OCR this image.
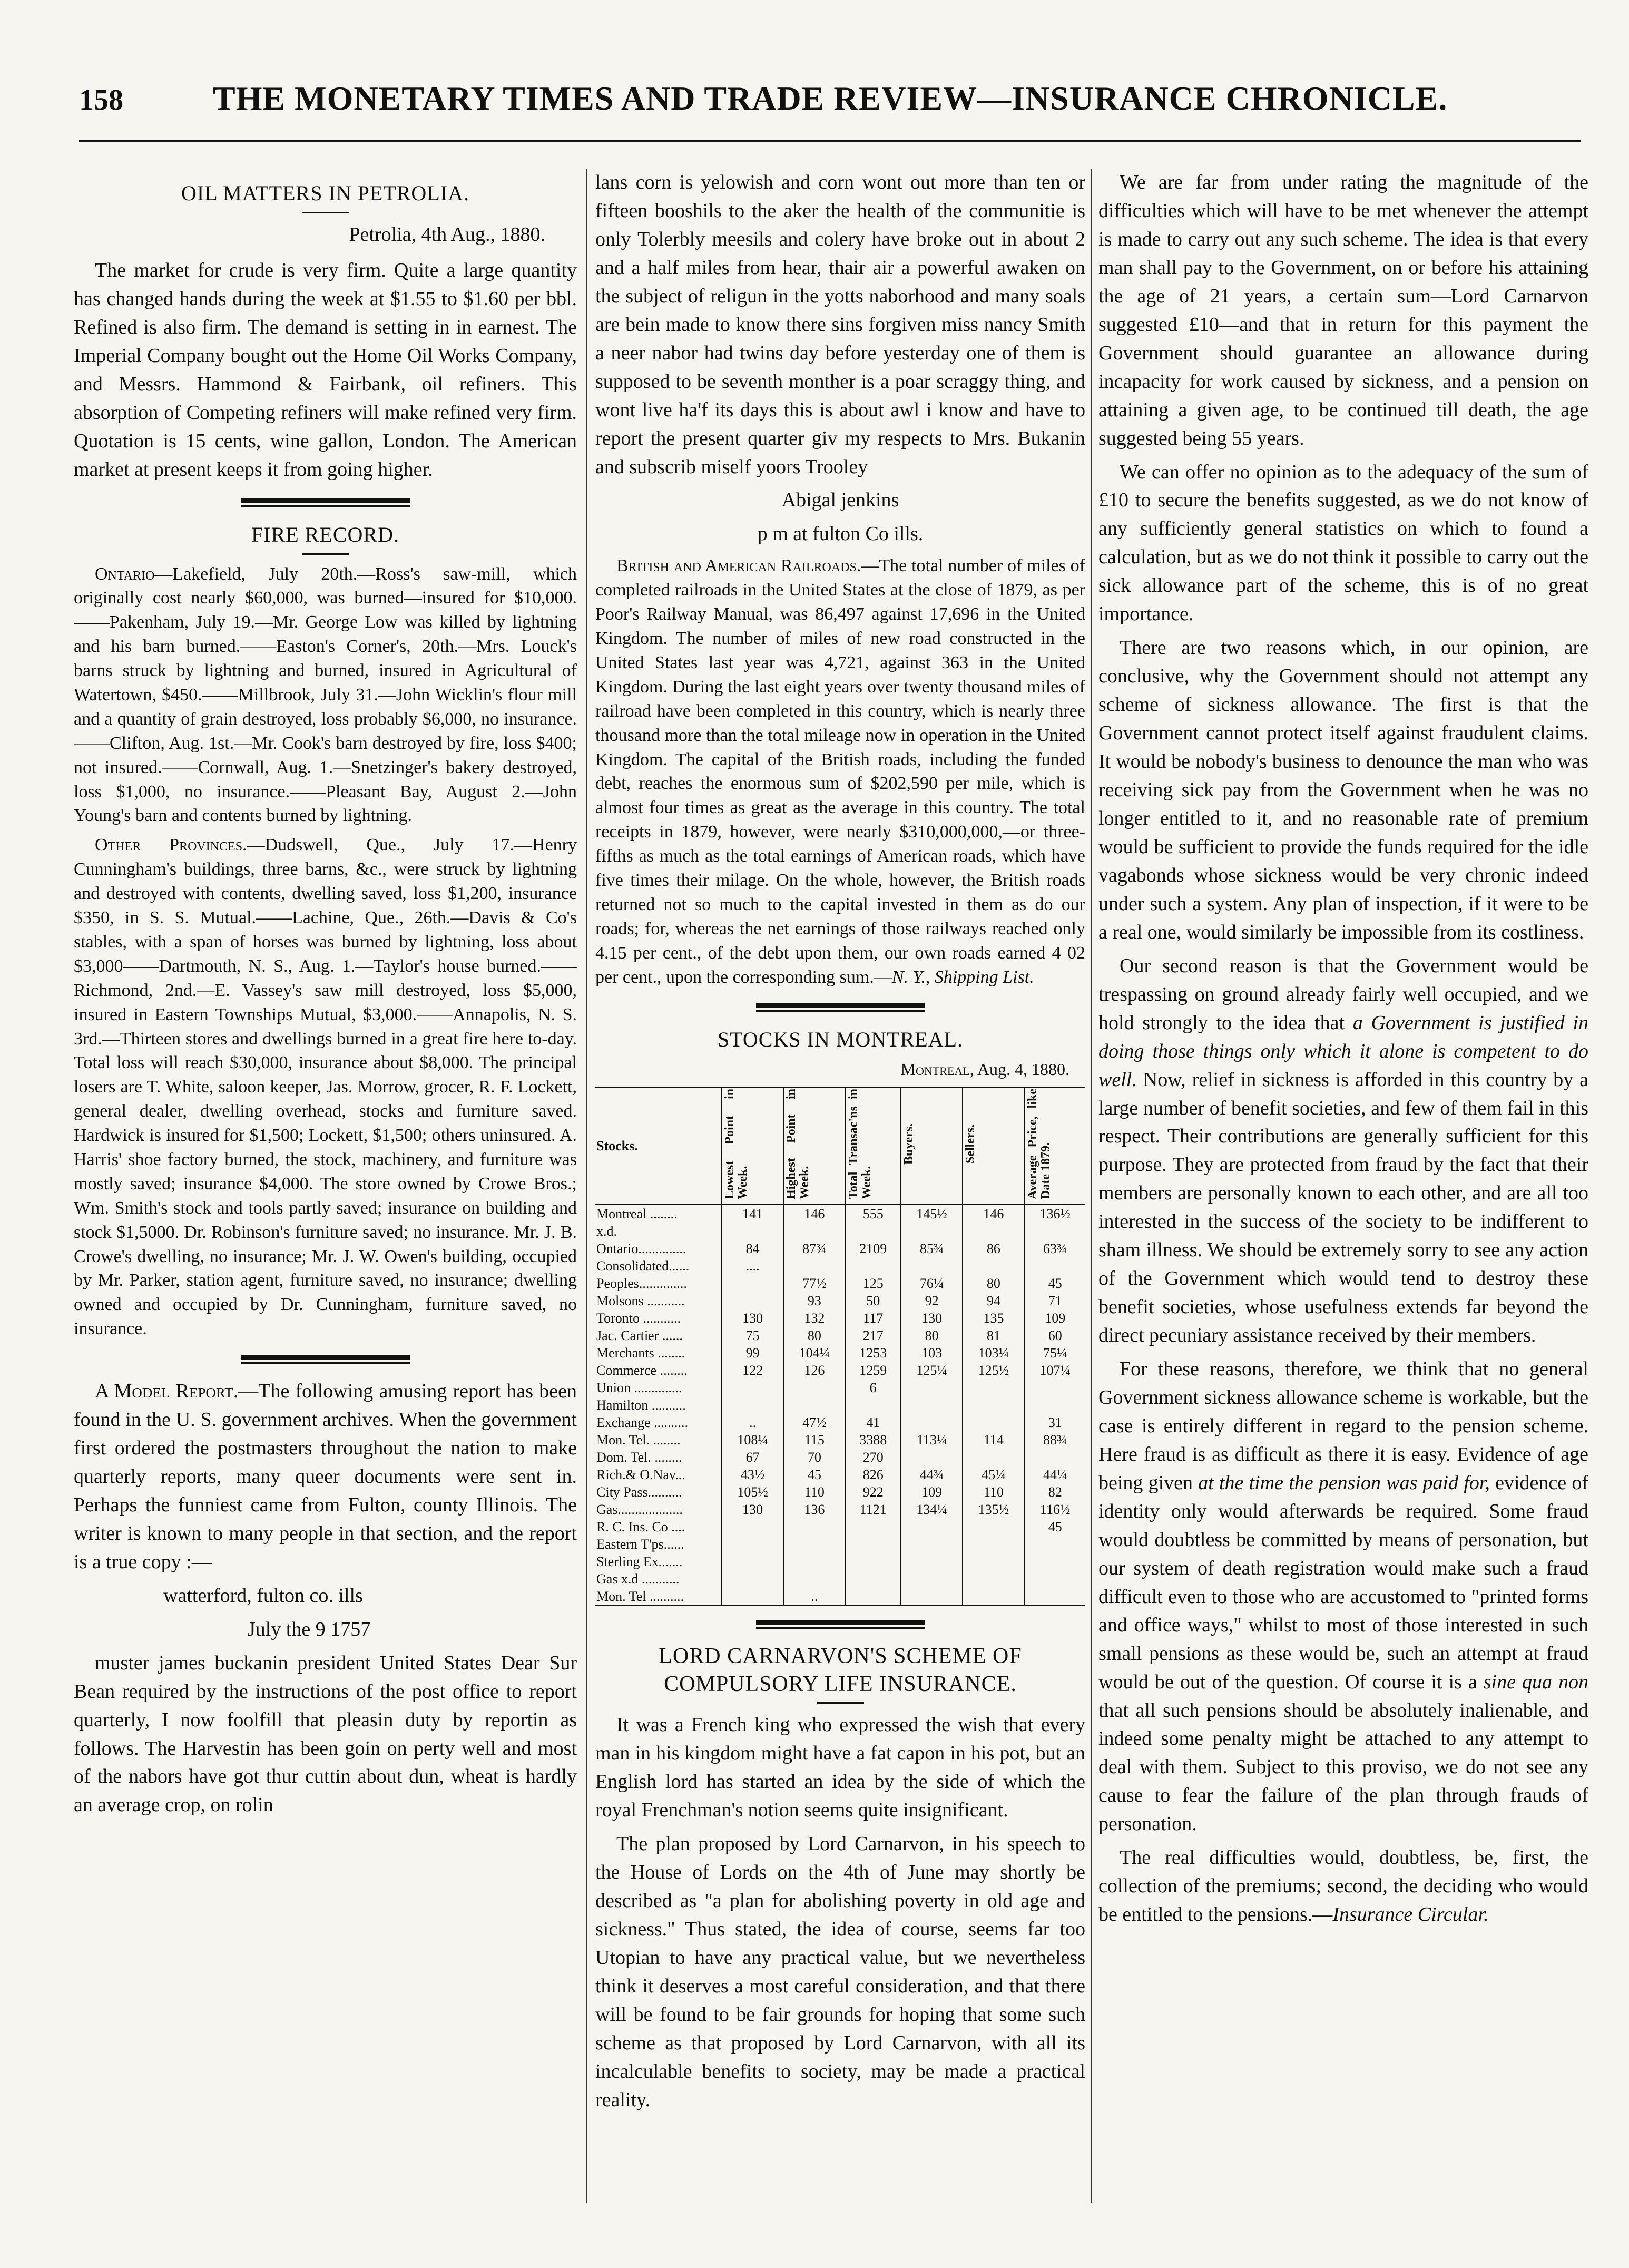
158	THE MONETARY TIMES AND TRADE REVIEW—INSURANCE CHRONICLE.
OIL MATTERS IN PETROLIA.

Petrolia, 4th Aug., 1880.

The market for crude is very firm. Quite a large quantity has changed hands during the week at $1.55 to $1.60 per bbl. Refined is also firm. The demand is setting in in earnest. The Imperial Company bought out the Home Oil Works Company, and Messrs. Hammond & Fairbank, oil refiners. This absorption of Competing refiners will make refined very firm. Quotation is 15 cents, wine gallon, London. The American market at present keeps it from going higher.

FIRE RECORD.

Ontario—Lakefield, July 20th.—Ross's saw-mill, which originally cost nearly $60,000, was burned—insured for $10,000.——Pakenham, July 19.—Mr. George Low was killed by lightning and his barn burned.——Easton's Corner's, 20th.—Mrs. Louck's barns struck by lightning and burned, insured in Agricultural of Watertown, $450.——Millbrook, July 31.—John Wicklin's flour mill and a quantity of grain destroyed, loss probably $6,000, no insurance.——Clifton, Aug. 1st.—Mr. Cook's barn destroyed by fire, loss $400; not insured.——Cornwall, Aug. 1.—Snetzinger's bakery destroyed, loss $1,000, no insurance.——Pleasant Bay, August 2.—John Young's barn and contents burned by lightning.

Other Provinces.—Dudswell, Que., July 17.—Henry Cunningham's buildings, three barns, &c., were struck by lightning and destroyed with contents, dwelling saved, loss $1,200, insurance $350, in S. S. Mutual.——Lachine, Que., 26th.—Davis & Co's stables, with a span of horses was burned by lightning, loss about $3,000——Dartmouth, N. S., Aug. 1.—Taylor's house burned.——Richmond, 2nd.—E. Vassey's saw mill destroyed, loss $5,000, insured in Eastern Townships Mutual, $3,000.——Annapolis, N. S. 3rd.—Thirteen stores and dwellings burned in a great fire here to-day. Total loss will reach $30,000, insurance about $8,000. The principal losers are T. White, saloon keeper, Jas. Morrow, grocer, R. F. Lockett, general dealer, dwelling overhead, stocks and furniture saved. Hardwick is insured for $1,500; Lockett, $1,500; others uninsured. A. Harris' shoe factory burned, the stock, machinery, and furniture was mostly saved; insurance $4,000. The store owned by Crowe Bros.; Wm. Smith's stock and tools partly saved; insurance on building and stock $1,5000. Dr. Robinson's furniture saved; no insurance. Mr. J. B. Crowe's dwelling, no insurance; Mr. J. W. Owen's building, occupied by Mr. Parker, station agent, furniture saved, no insurance; dwelling owned and occupied by Dr. Cunningham, furniture saved, no insurance.

A Model Report.—The following amusing report has been found in the U. S. government archives. When the government first ordered the postmasters throughout the nation to make quarterly reports, many queer documents were sent in. Perhaps the funniest came from Fulton, county Illinois. The writer is known to many people in that section, and the report is a true copy :—

watterford, fulton co. ills

July the 9 1757

muster james buckanin president United States Dear Sur Bean required by the instructions of the post office to report quarterly, I now foolfill that pleasin duty by reportin as follows. The Harvestin has been goin on perty well and most of the nabors have got thur cuttin about dun, wheat is hardly an average crop, on rolin

lans corn is yelowish and corn wont out more than ten or fifteen booshils to the aker the health of the communitie is only Tolerbly meesils and colery have broke out in about 2 and a half miles from hear, thair air a powerful awaken on the subject of religun in the yotts naborhood and many soals are bein made to know there sins forgiven miss nancy Smith a neer nabor had twins day before yesterday one of them is supposed to be seventh monther is a poar scraggy thing, and wont live ha'f its days this is about awl i know and have to report the present quarter giv my respects to Mrs. Bukanin and subscrib miself yoors Trooley

Abigal jenkins

p m at fulton Co ills.

British and American Railroads.—The total number of miles of completed railroads in the United States at the close of 1879, as per Poor's Railway Manual, was 86,497 against 17,696 in the United Kingdom. The number of miles of new road constructed in the United States last year was 4,721, against 363 in the United Kingdom. During the last eight years over twenty thousand miles of railroad have been completed in this country, which is nearly three thousand more than the total mileage now in operation in the United Kingdom. The capital of the British roads, including the funded debt, reaches the enormous sum of $202,590 per mile, which is almost four times as great as the average in this country. The total receipts in 1879, however, were nearly $310,000,000,—or three-fifths as much as the total earnings of American roads, which have five times their milage. On the whole, however, the British roads returned not so much to the capital invested in them as do our roads; for, whereas the net earnings of those railways reached only 4.15 per cent., of the debt upon them, our own roads earned 4 02 per cent., upon the corresponding sum.—N. Y., Shipping List.

STOCKS IN MONTREAL.

Montreal, Aug. 4, 1880.

Stocks.	Lowest Point in Week.	Highest Point in Week.	Total Transac'ns in Week.	Buyers.	Sellers.	Average Price, like Date 1879.
Montreal ........	141	146	555	145½	146	136½
x.d.						
Ontario..............	84	87¾	2109	85¾	86	63¾
Consolidated......	....					
Peoples..............		77½	125	76¼	80	45
Molsons ...........		93	50	92	94	71
Toronto ...........	130	132	117	130	135	109
Jac. Cartier ......	75	80	217	80	81	60
Merchants ........	99	104¼	1253	103	103¼	75¼
Commerce ........	122	126	1259	125¼	125½	107¼
Union ..............			6			
Hamilton ..........						
Exchange ..........	..	47½	41			31
Mon. Tel. ........	108¼	115	3388	113¼	114	88¾
Dom. Tel. ........	67	70	270			
Rich.& O.Nav...	43½	45	826	44¾	45¼	44¼
City Pass..........	105½	110	922	109	110	82
Gas...................	130	136	1121	134¼	135½	116½
R. C. Ins. Co ....						45
Eastern T'ps......						
Sterling Ex.......						
Gas x.d ...........						
Mon. Tel ..........		..				
LORD CARNARVON'S SCHEME OF COMPULSORY LIFE INSURANCE.

It was a French king who expressed the wish that every man in his kingdom might have a fat capon in his pot, but an English lord has started an idea by the side of which the royal Frenchman's notion seems quite insignificant.

The plan proposed by Lord Carnarvon, in his speech to the House of Lords on the 4th of June may shortly be described as "a plan for abolishing poverty in old age and sickness." Thus stated, the idea of course, seems far too Utopian to have any practical value, but we nevertheless think it deserves a most careful consideration, and that there will be found to be fair grounds for hoping that some such scheme as that proposed by Lord Carnarvon, with all its incalculable benefits to society, may be made a practical reality.

We are far from under rating the magnitude of the difficulties which will have to be met whenever the attempt is made to carry out any such scheme. The idea is that every man shall pay to the Government, on or before his attaining the age of 21 years, a certain sum—Lord Carnarvon suggested £10—and that in return for this payment the Government should guarantee an allowance during incapacity for work caused by sickness, and a pension on attaining a given age, to be continued till death, the age suggested being 55 years.

We can offer no opinion as to the adequacy of the sum of £10 to secure the benefits suggested, as we do not know of any sufficiently general statistics on which to found a calculation, but as we do not think it possible to carry out the sick allowance part of the scheme, this is of no great importance.

There are two reasons which, in our opinion, are conclusive, why the Government should not attempt any scheme of sickness allowance. The first is that the Government cannot protect itself against fraudulent claims. It would be nobody's business to denounce the man who was receiving sick pay from the Government when he was no longer entitled to it, and no reasonable rate of premium would be sufficient to provide the funds required for the idle vagabonds whose sickness would be very chronic indeed under such a system. Any plan of inspection, if it were to be a real one, would similarly be impossible from its costliness.

Our second reason is that the Government would be trespassing on ground already fairly well occupied, and we hold strongly to the idea that a Government is justified in doing those things only which it alone is competent to do well. Now, relief in sickness is afforded in this country by a large number of benefit societies, and few of them fail in this respect. Their contributions are generally sufficient for this purpose. They are protected from fraud by the fact that their members are personally known to each other, and are all too interested in the success of the society to be indifferent to sham illness. We should be extremely sorry to see any action of the Government which would tend to destroy these benefit societies, whose usefulness extends far beyond the direct pecuniary assistance received by their members.

For these reasons, therefore, we think that no general Government sickness allowance scheme is workable, but the case is entirely different in regard to the pension scheme. Here fraud is as difficult as there it is easy. Evidence of age being given at the time the pension was paid for, evidence of identity only would afterwards be required. Some fraud would doubtless be committed by means of personation, but our system of death registration would make such a fraud difficult even to those who are accustomed to "printed forms and office ways," whilst to most of those interested in such small pensions as these would be, such an attempt at fraud would be out of the question. Of course it is a sine qua non that all such pensions should be absolutely inalienable, and indeed some penalty might be attached to any attempt to deal with them. Subject to this proviso, we do not see any cause to fear the failure of the plan through frauds of personation.

The real difficulties would, doubtless, be, first, the collection of the premiums; second, the deciding who would be entitled to the pensions.—Insurance Circular.
